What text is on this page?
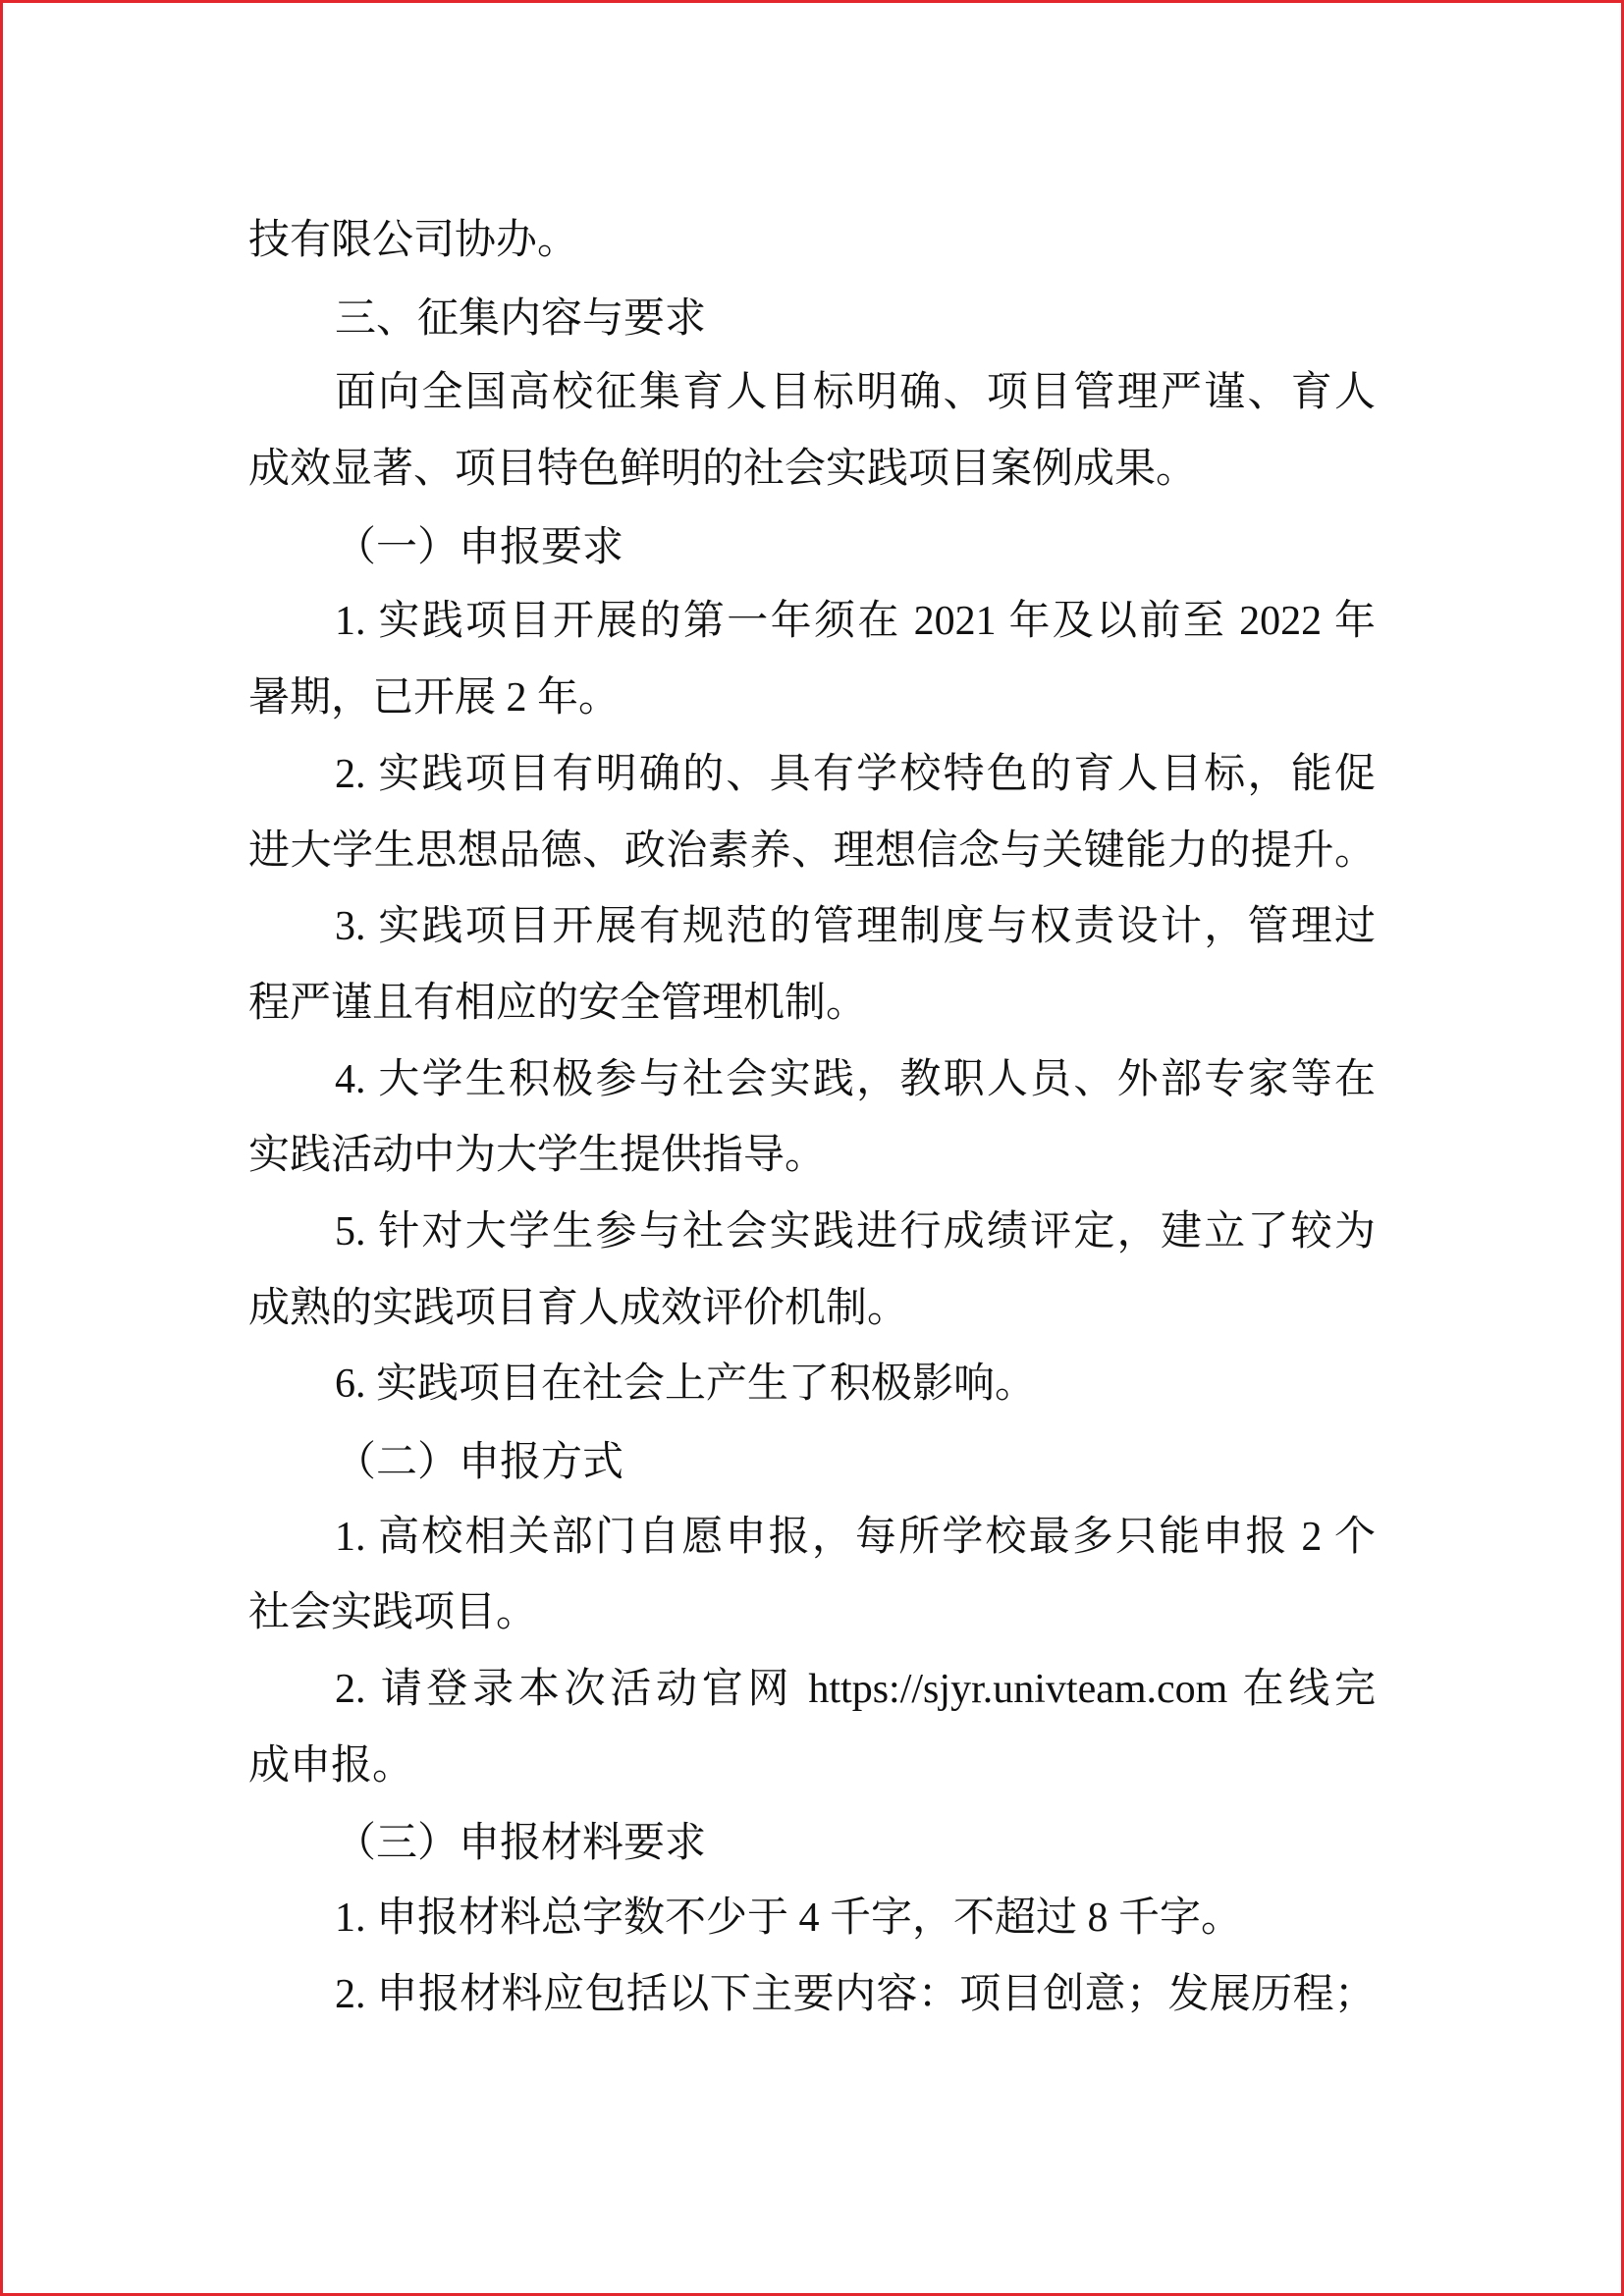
技有限公司协办。
三、征集内容与要求
面向全国高校征集育人目标明确、项目管理严谨、育人
成效显著、项目特色鲜明的社会实践项目案例成果。
（一）申报要求
1. 实践项目开展的第一年须在 2021 年及以前至 2022 年
暑期，已开展 2 年。
2. 实践项目有明确的、具有学校特色的育人目标，能促
进大学生思想品德、政治素养、理想信念与关键能力的提升。
3. 实践项目开展有规范的管理制度与权责设计，管理过
程严谨且有相应的安全管理机制。
4. 大学生积极参与社会实践，教职人员、外部专家等在
实践活动中为大学生提供指导。
5. 针对大学生参与社会实践进行成绩评定，建立了较为
成熟的实践项目育人成效评价机制。
6. 实践项目在社会上产生了积极影响。
（二）申报方式
1. 高校相关部门自愿申报，每所学校最多只能申报 2 个
社会实践项目。
2. 请登录本次活动官网 https://sjyr.univteam.com 在线完
成申报。
（三）申报材料要求
1. 申报材料总字数不少于 4 千字，不超过 8 千字。
2. 申报材料应包括以下主要内容：项目创意；发展历程；
